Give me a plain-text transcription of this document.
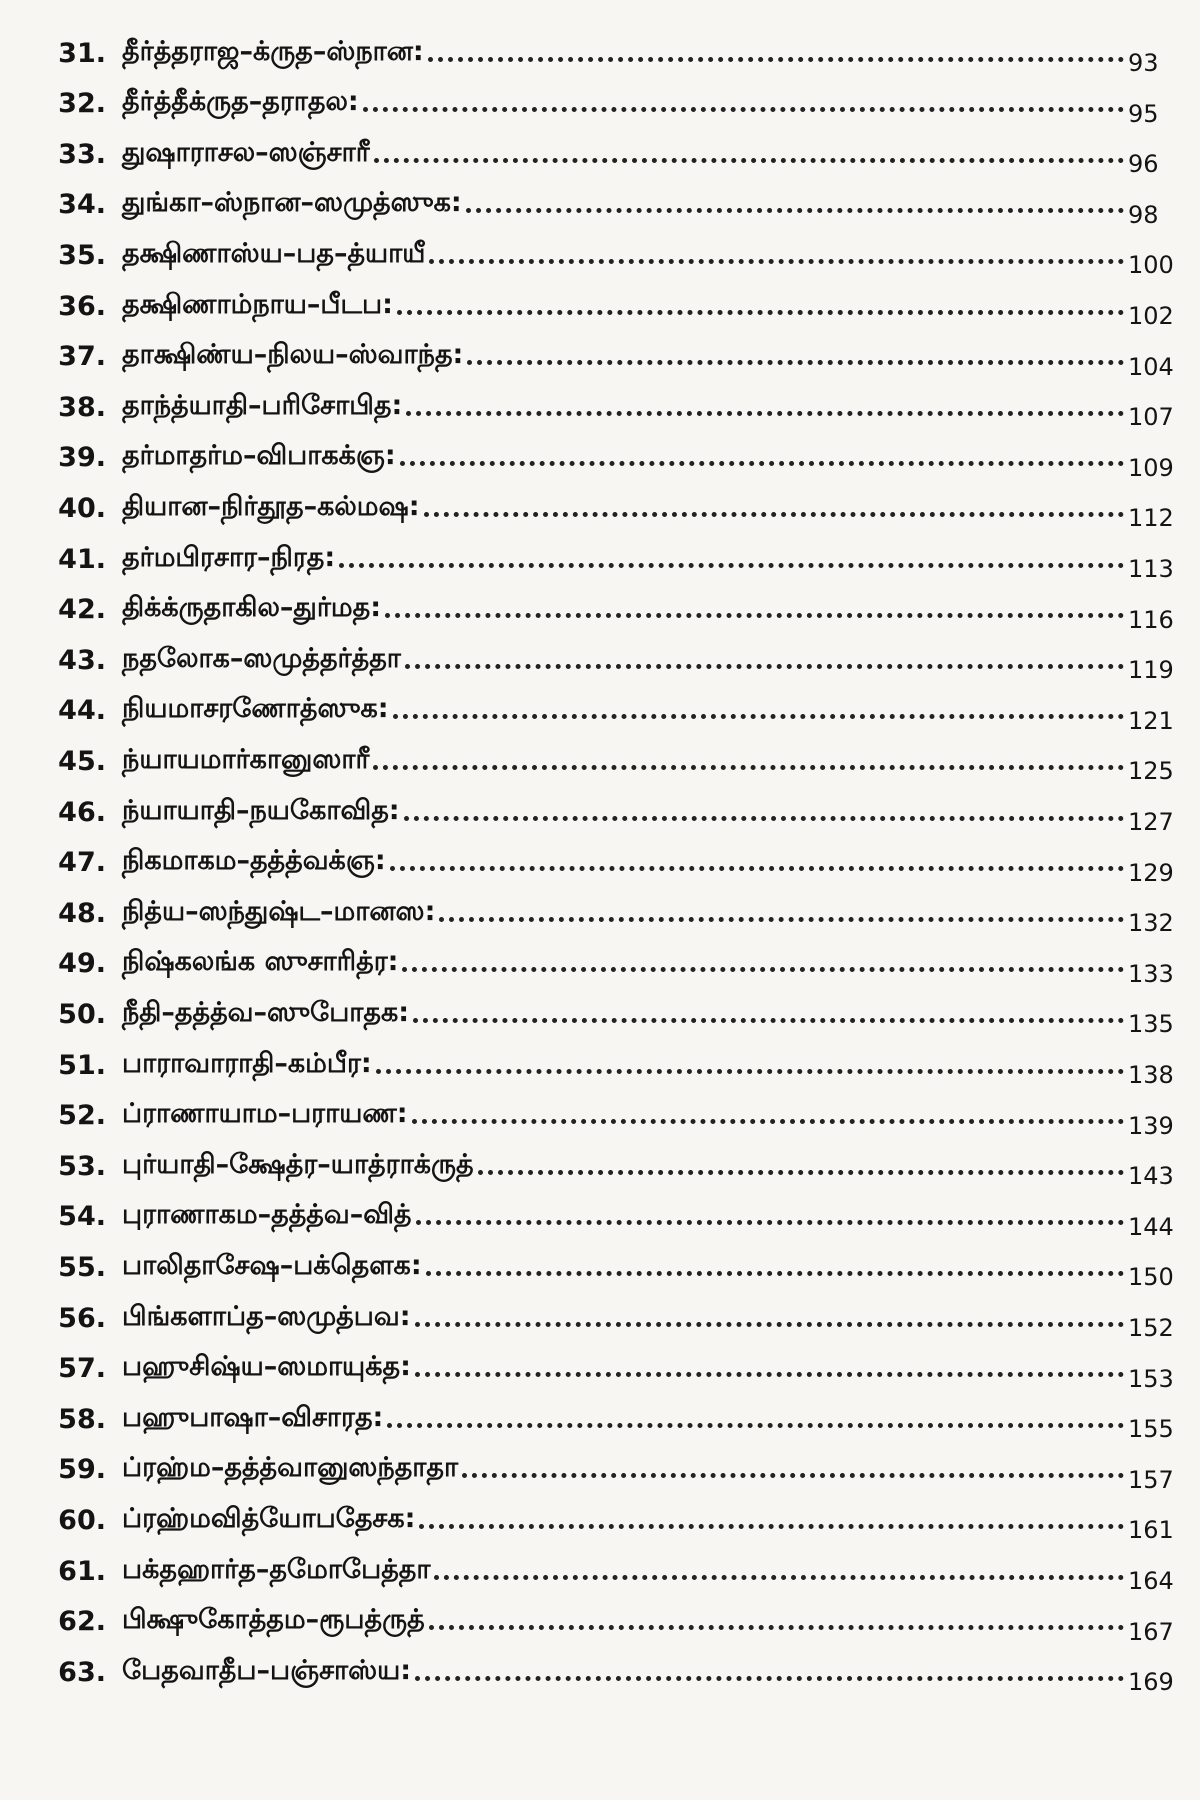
31. தீர்த்தராஜ–க்ருத–ஸ்நான:	93
32. தீர்த்தீக்ருத–தராதல:	95
33. துஷாராசல–ஸஞ்சாரீ	96
34. துங்கா–ஸ்நான–ஸமுத்ஸுக:	98
35. தக்ஷிணாஸ்ய–பத–த்யாயீ	100
36. தக்ஷிணாம்நாய–பீடப:	102
37. தாக்ஷிண்ய–நிலய–ஸ்வாந்த:	104
38. தாந்த்யாதி–பரிசோபித:	107
39. தர்மாதர்ம–விபாகக்ஞ:	109
40. தியான–நிர்தூத–கல்மஷ:	112
41. தர்மபிரசார–நிரத:	113
42. திக்க்ருதாகில–துர்மத:	116
43. நதலோக–ஸமுத்தர்த்தா	119
44. நியமாசரணோத்ஸுக:	121
45. ந்யாயமார்கானுஸாரீ	125
46. ந்யாயாதி–நயகோவித:	127
47. நிகமாகம–தத்த்வக்ஞ:	129
48. நித்ய–ஸந்துஷ்ட–மானஸ:	132
49. நிஷ்கலங்க ஸுசாரித்ர:	133
50. நீதி–தத்த்வ–ஸுபோதக:	135
51. பாராவாராதி–கம்பீர:	138
52. ப்ராணாயாம–பராயண:	139
53. புர்யாதி–க்ஷேத்ர–யாத்ராக்ருத்	143
54. புராணாகம–தத்த்வ–வித்	144
55. பாலிதாசேஷ–பக்தௌக:	150
56. பிங்களாப்த–ஸமுத்பவ:	152
57. பஹுசிஷ்ய–ஸமாயுக்த:	153
58. பஹுபாஷா–விசாரத:	155
59. ப்ரஹ்ம–தத்த்வானுஸந்தாதா	157
60. ப்ரஹ்மவித்யோபதேசக:	161
61. பக்தஹார்த–தமோபேத்தா	164
62. பிக்ஷுகோத்தம–ரூபத்ருத்	167
63. பேதவாதீப–பஞ்சாஸ்ய:	169
